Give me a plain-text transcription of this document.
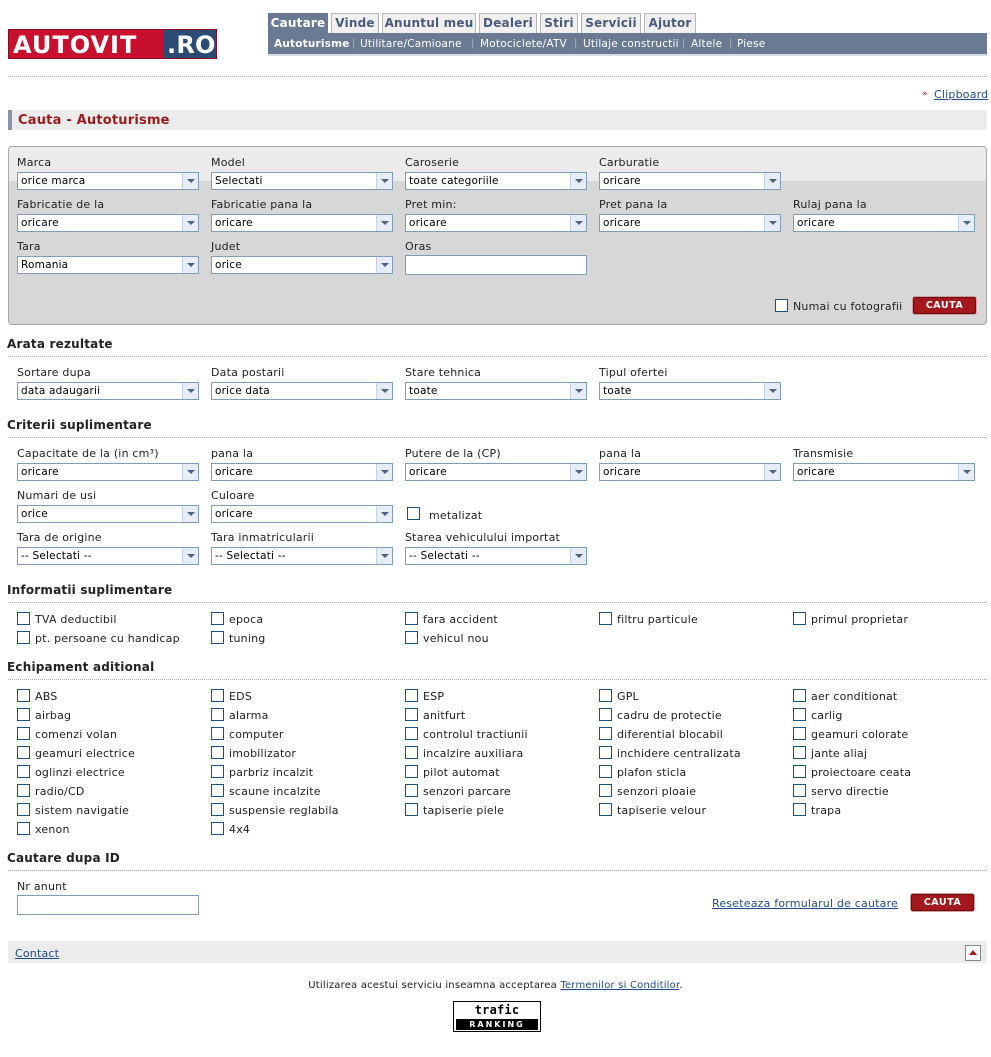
AUTOVIT .RO
Cautare Vinde Anuntul meu Dealeri Stiri Servicii Ajutor
Autoturisme | Utilitare/Camioane | Motociclete/ATV | Utilaje constructii | Altele | Piese
» Clipboard
Cauta - Autoturisme
Marca
orice marca
Model
Selectati
Caroserie
toate categoriile
Carburatie
oricare
Fabricatie de la
oricare
Fabricatie pana la
oricare
Pret min:
oricare
Pret pana la
oricare
Rulaj pana la
oricare
Tara
Romania
Judet
orice
Oras
Numai cu fotografii	CAUTA
Arata rezultate
Sortare dupa
data adaugarii
Data postarii
orice data
Stare tehnica
toate
Tipul ofertei
toate
Criterii suplimentare
Capacitate de la (in cm³)
oricare
pana la
oricare
Putere de la (CP)
oricare
pana la
oricare
Transmisie
oricare
Numari de usi
orice
Culoare
oricare	metalizat
Tara de origine
-- Selectati --
Tara inmatricularii
-- Selectati --
Starea vehiculului importat
-- Selectati --
Informatii suplimentare
TVA deductibil	epoca	fara accident	filtru particule	primul proprietar
pt. persoane cu handicap	tuning	vehicul nou
Echipament aditional
ABS	EDS	ESP	GPL	aer conditionat
airbag	alarma	anitfurt	cadru de protectie	carlig
comenzi volan	computer	controlul tractiunii	diferential blocabil	geamuri colorate
geamuri electrice	imobilizator	incalzire auxiliara	inchidere centralizata	jante aliaj
oglinzi electrice	parbriz incalzit	pilot automat	plafon sticla	proiectoare ceata
radio/CD	scaune incalzite	senzori parcare	senzori ploaie	servo directie
sistem navigatie	suspensie reglabila	tapiserie piele	tapiserie velour	trapa
xenon	4x4
Cautare dupa ID
Nr anunt
Reseteaza formularul de cautare	CAUTA
Contact
Utilizarea acestui serviciu inseamna acceptarea Termenilor si Conditilor.
trafic
RANKING
